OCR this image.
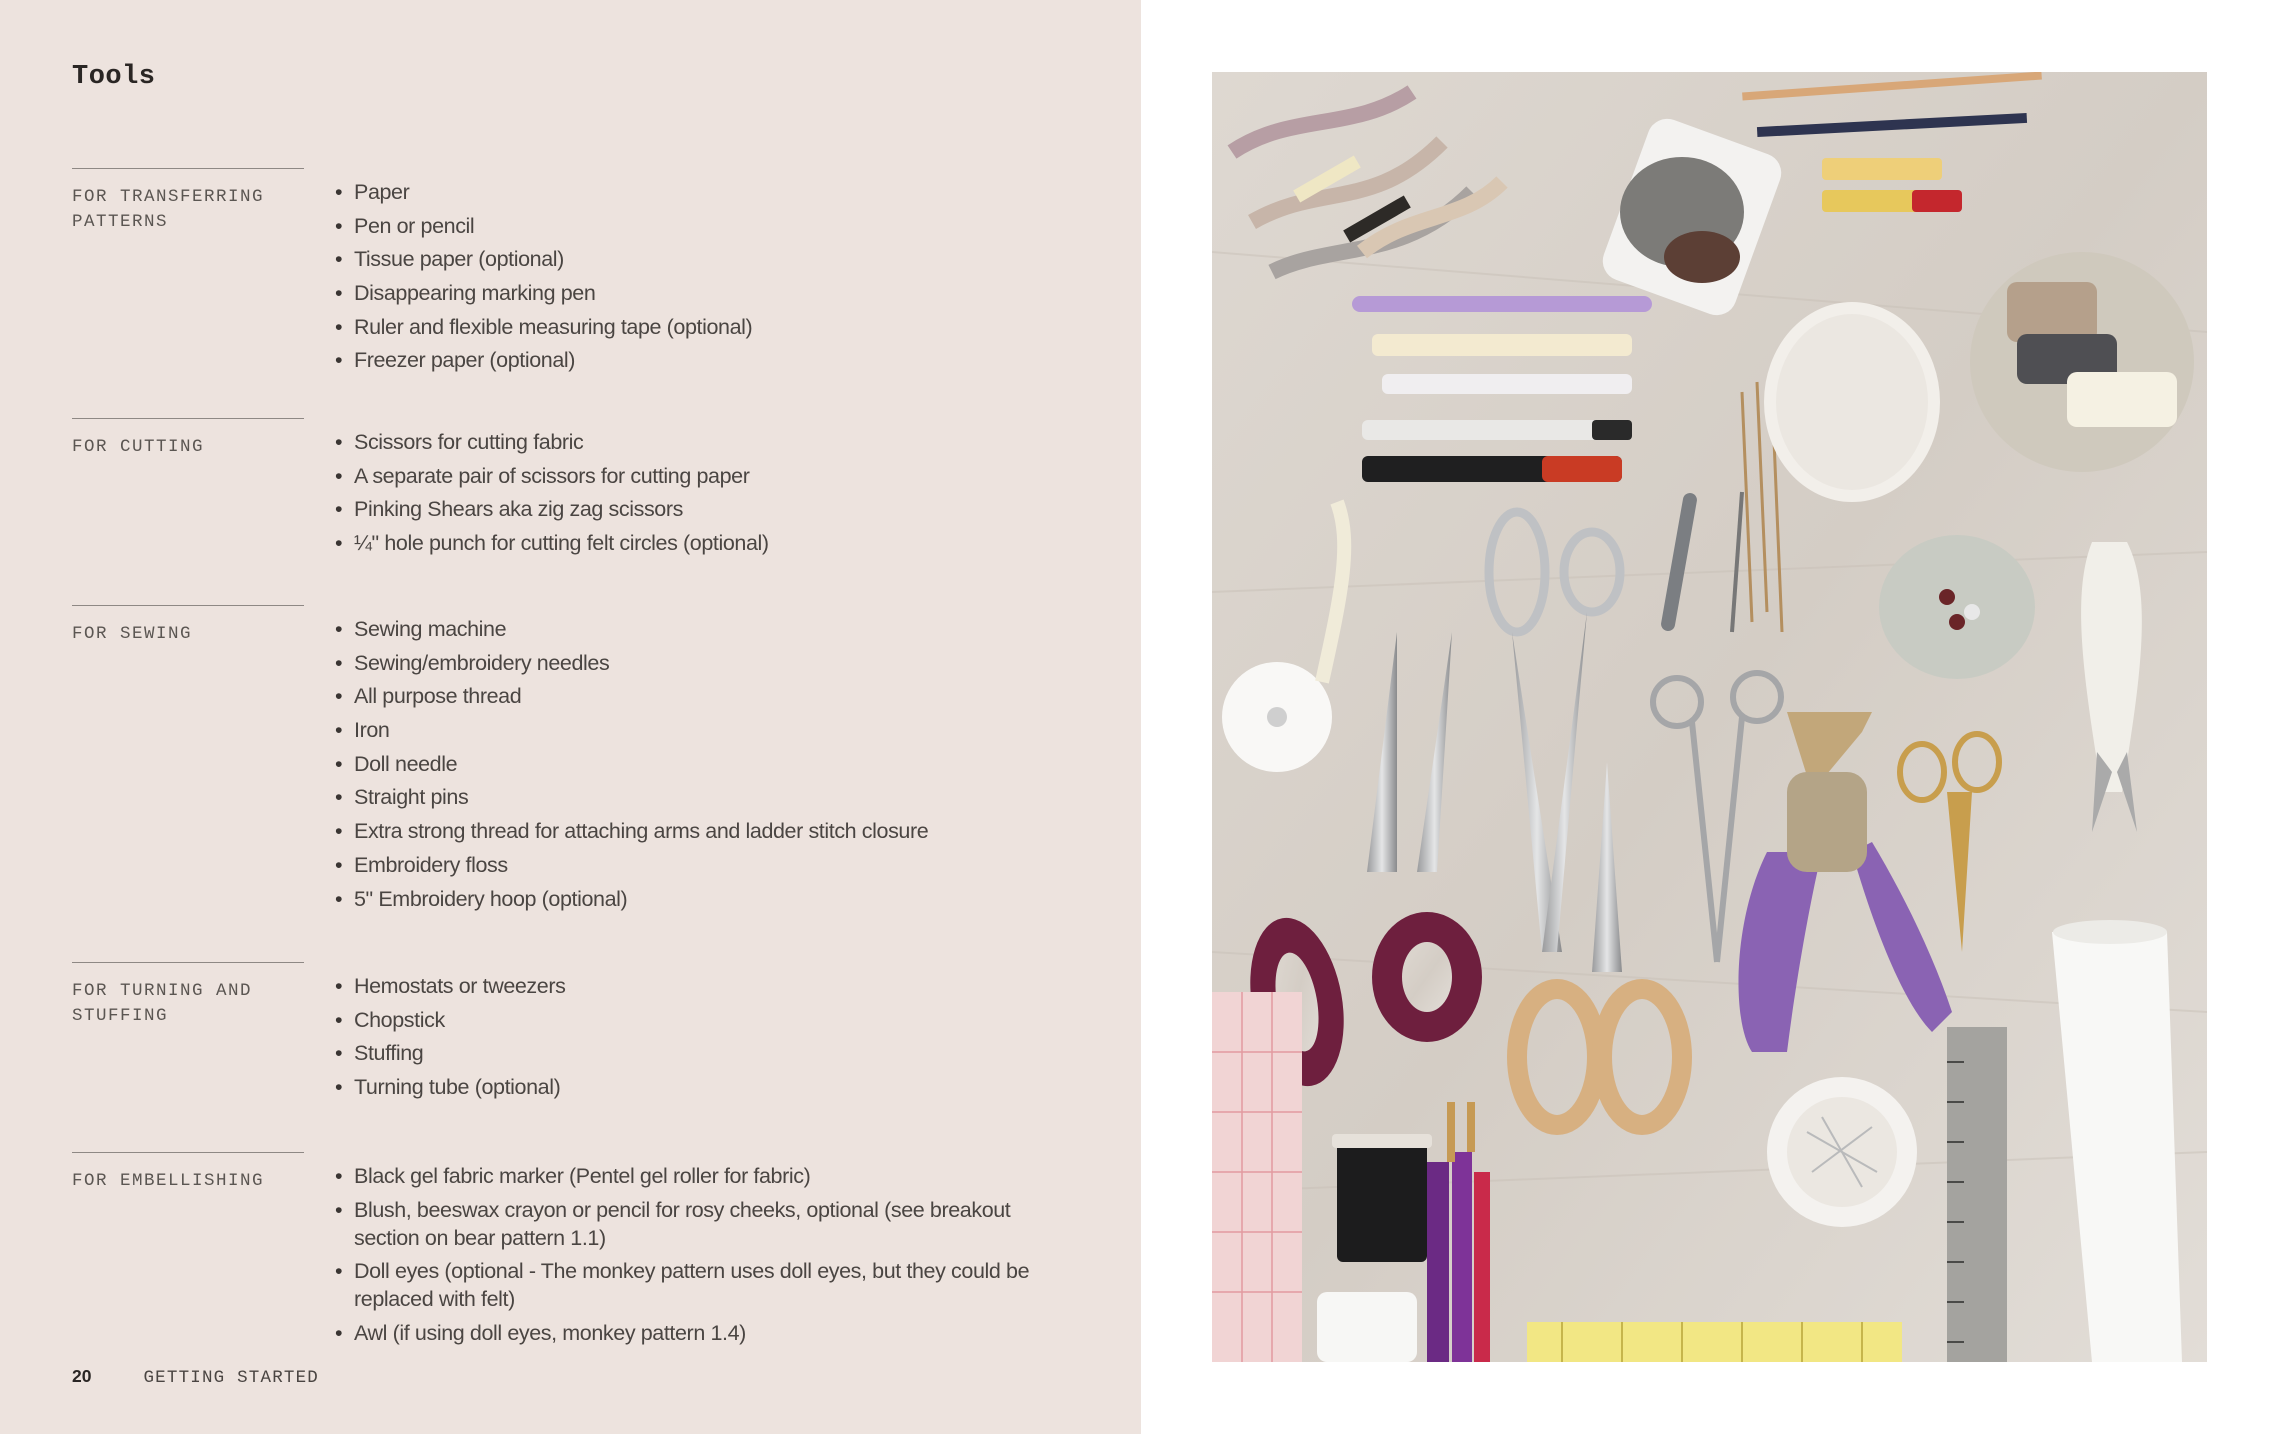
Tools
FOR TRANSFERRING PATTERNS
• Paper
• Pen or pencil
• Tissue paper (optional)
• Disappearing marking pen
• Ruler and flexible measuring tape (optional)
• Freezer paper (optional)
FOR CUTTING	• Scissors for cutting fabric
• A separate pair of scissors for cutting paper
• Pinking Shears aka zig zag scissors
• ¼" hole punch for cutting felt circles (optional)
FOR SEWING	• Sewing machine
• Sewing/embroidery needles
• All purpose thread
• Iron
• Doll needle
• Straight pins
• Extra strong thread for attaching arms and ladder stitch closure
• Embroidery floss
• 5" Embroidery hoop (optional)
FOR TURNING AND STUFFING
• Hemostats or tweezers
• Chopstick
• Stuffing
• Turning tube (optional)
FOR EMBELLISHING	• Black gel fabric marker (Pentel gel roller for fabric)
• Blush, beeswax crayon or pencil for rosy cheeks, optional (see breakout section on bear pattern 1.1)
• Doll eyes (optional - The monkey pattern uses doll eyes, but they could be replaced with felt)
• Awl (if using doll eyes, monkey pattern 1.4)
20	GETTING STARTED
